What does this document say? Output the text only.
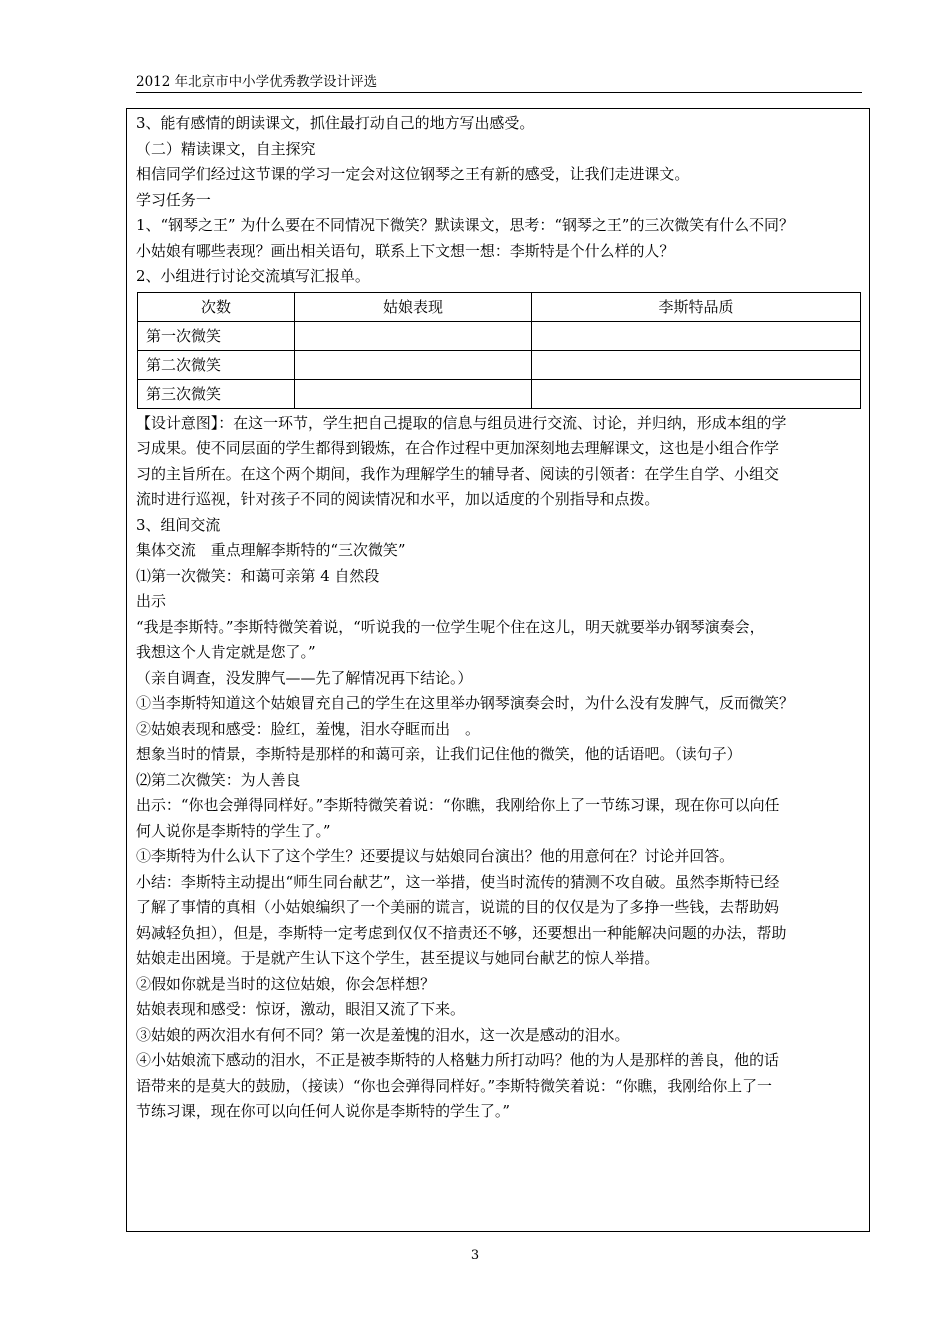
2012 年北京市中小学优秀教学设计评选
3、能有感情的朗读课文，抓住最打动自己的地方写出感受。
（二）精读课文，自主探究
相信同学们经过这节课的学习一定会对这位钢琴之王有新的感受，让我们走进课文。
学习任务一
1、“钢琴之王” 为什么要在不同情况下微笑？默读课文，思考：“钢琴之王”的三次微笑有什么不同？
小姑娘有哪些表现？画出相关语句，联系上下文想一想：李斯特是个什么样的人？
2、小组进行讨论交流填写汇报单。
次数	姑娘表现	李斯特品质
第一次微笑		
第二次微笑		
第三次微笑		
【设计意图】：在这一环节，学生把自己提取的信息与组员进行交流、讨论，并归纳，形成本组的学
习成果。使不同层面的学生都得到锻炼，在合作过程中更加深刻地去理解课文，这也是小组合作学
习的主旨所在。在这个两个期间，我作为理解学生的辅导者、阅读的引领者：在学生自学、小组交
流时进行巡视，针对孩子不同的阅读情况和水平，加以适度的个别指导和点拨。
3、组间交流
集体交流　重点理解李斯特的“三次微笑”
⑴第一次微笑：和蔼可亲第 4 自然段
出示
“我是李斯特。”李斯特微笑着说，“听说我的一位学生呢个住在这儿，明天就要举办钢琴演奏会，
我想这个人肯定就是您了。”
（亲自调查，没发脾气——先了解情况再下结论。）
①当李斯特知道这个姑娘冒充自己的学生在这里举办钢琴演奏会时，为什么没有发脾气，反而微笑？
②姑娘表现和感受：脸红，羞愧，泪水夺眶而出　。
想象当时的情景，李斯特是那样的和蔼可亲，让我们记住他的微笑，他的话语吧。（读句子）
⑵第二次微笑：为人善良
出示：“你也会弹得同样好。”李斯特微笑着说：“你瞧，我刚给你上了一节练习课，现在你可以向任
何人说你是李斯特的学生了。”
①李斯特为什么认下了这个学生？还要提议与姑娘同台演出？他的用意何在？讨论并回答。
小结：李斯特主动提出“师生同台献艺”，这一举措，使当时流传的猜测不攻自破。虽然李斯特已经
了解了事情的真相（小姑娘编织了一个美丽的谎言，说谎的目的仅仅是为了多挣一些钱，去帮助妈
妈减轻负担），但是，李斯特一定考虑到仅仅不揞责还不够，还要想出一种能解决问题的办法，帮助
姑娘走出困境。于是就产生认下这个学生，甚至提议与她同台献艺的惊人举措。
②假如你就是当时的这位姑娘，你会怎样想？
姑娘表现和感受：惊讶，激动，眼泪又流了下来。
③姑娘的两次泪水有何不同？第一次是羞愧的泪水，这一次是感动的泪水。
④小姑娘流下感动的泪水，不正是被李斯特的人格魅力所打动吗？他的为人是那样的善良，他的话
语带来的是莫大的鼓励，（接读）“你也会弹得同样好。”李斯特微笑着说：“你瞧，我刚给你上了一
节练习课，现在你可以向任何人说你是李斯特的学生了。”
3
